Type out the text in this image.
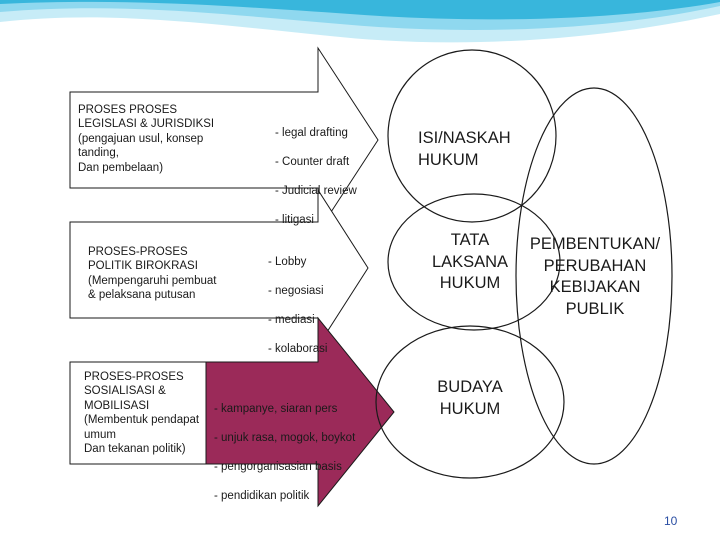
PROSES PROSES
LEGISLASI & JURISDIKSI
(pengajuan usul, konsep
tanding,
Dan pembelaan)

- legal drafting

- Counter draft

- Judicial review

- litigasi

PROSES-PROSES
POLITIK BIROKRASI
(Mempengaruhi pembuat
& pelaksana putusan

- Lobby

- negosiasi

- mediasi

- kolaborasi

PROSES-PROSES
SOSIALISASI &
MOBILISASI
(Membentuk pendapat
umum
Dan tekanan politik)

- kampanye, siaran pers

- unjuk rasa, mogok, boykot

- pengorganisasian basis

- pendidikan politik

ISI/NASKAH
HUKUM
TATA
LAKSANA
HUKUM
BUDAYA
HUKUM
PEMBENTUKAN/
PERUBAHAN
KEBIJAKAN
PUBLIK
10
